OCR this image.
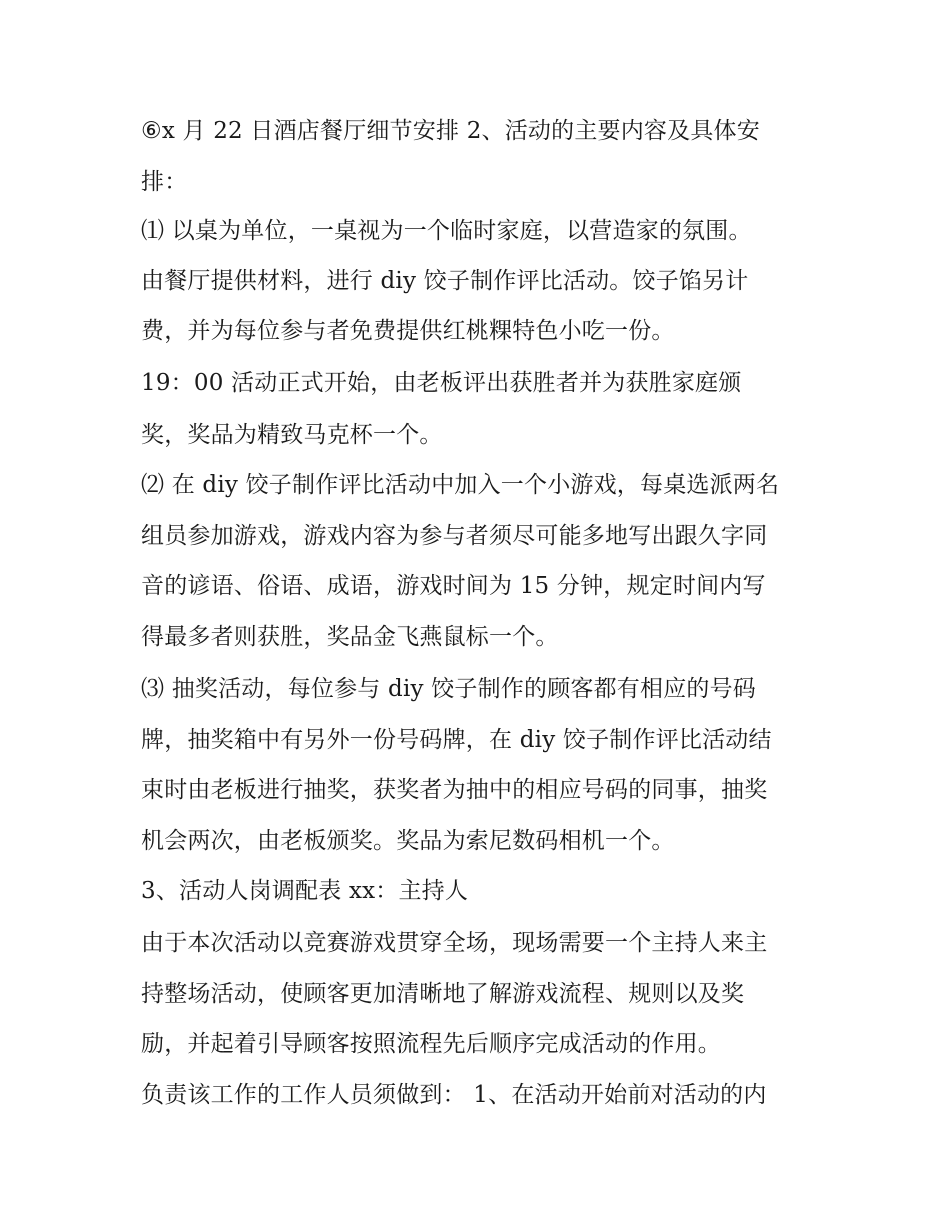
⑥x 月 22 日酒店餐厅细节安排 2、活动的主要内容及具体安
排：
⑴ 以桌为单位，一桌视为一个临时家庭，以营造家的氛围。
由餐厅提供材料，进行 diy 饺子制作评比活动。饺子馅另计
费，并为每位参与者免费提供红桃粿特色小吃一份。
19：00 活动正式开始，由老板评出获胜者并为获胜家庭颁
奖，奖品为精致马克杯一个。
⑵ 在 diy 饺子制作评比活动中加入一个小游戏，每桌选派两名
组员参加游戏，游戏内容为参与者须尽可能多地写出跟久字同
音的谚语、俗语、成语，游戏时间为 15 分钟，规定时间内写
得最多者则获胜，奖品金飞燕鼠标一个。
⑶ 抽奖活动，每位参与 diy 饺子制作的顾客都有相应的号码
牌，抽奖箱中有另外一份号码牌，在 diy 饺子制作评比活动结
束时由老板进行抽奖，获奖者为抽中的相应号码的同事，抽奖
机会两次，由老板颁奖。奖品为索尼数码相机一个。
3、活动人岗调配表 xx：主持人
由于本次活动以竞赛游戏贯穿全场，现场需要一个主持人来主
持整场活动，使顾客更加清晰地了解游戏流程、规则以及奖
励，并起着引导顾客按照流程先后顺序完成活动的作用。
负责该工作的工作人员须做到： 1、在活动开始前对活动的内
